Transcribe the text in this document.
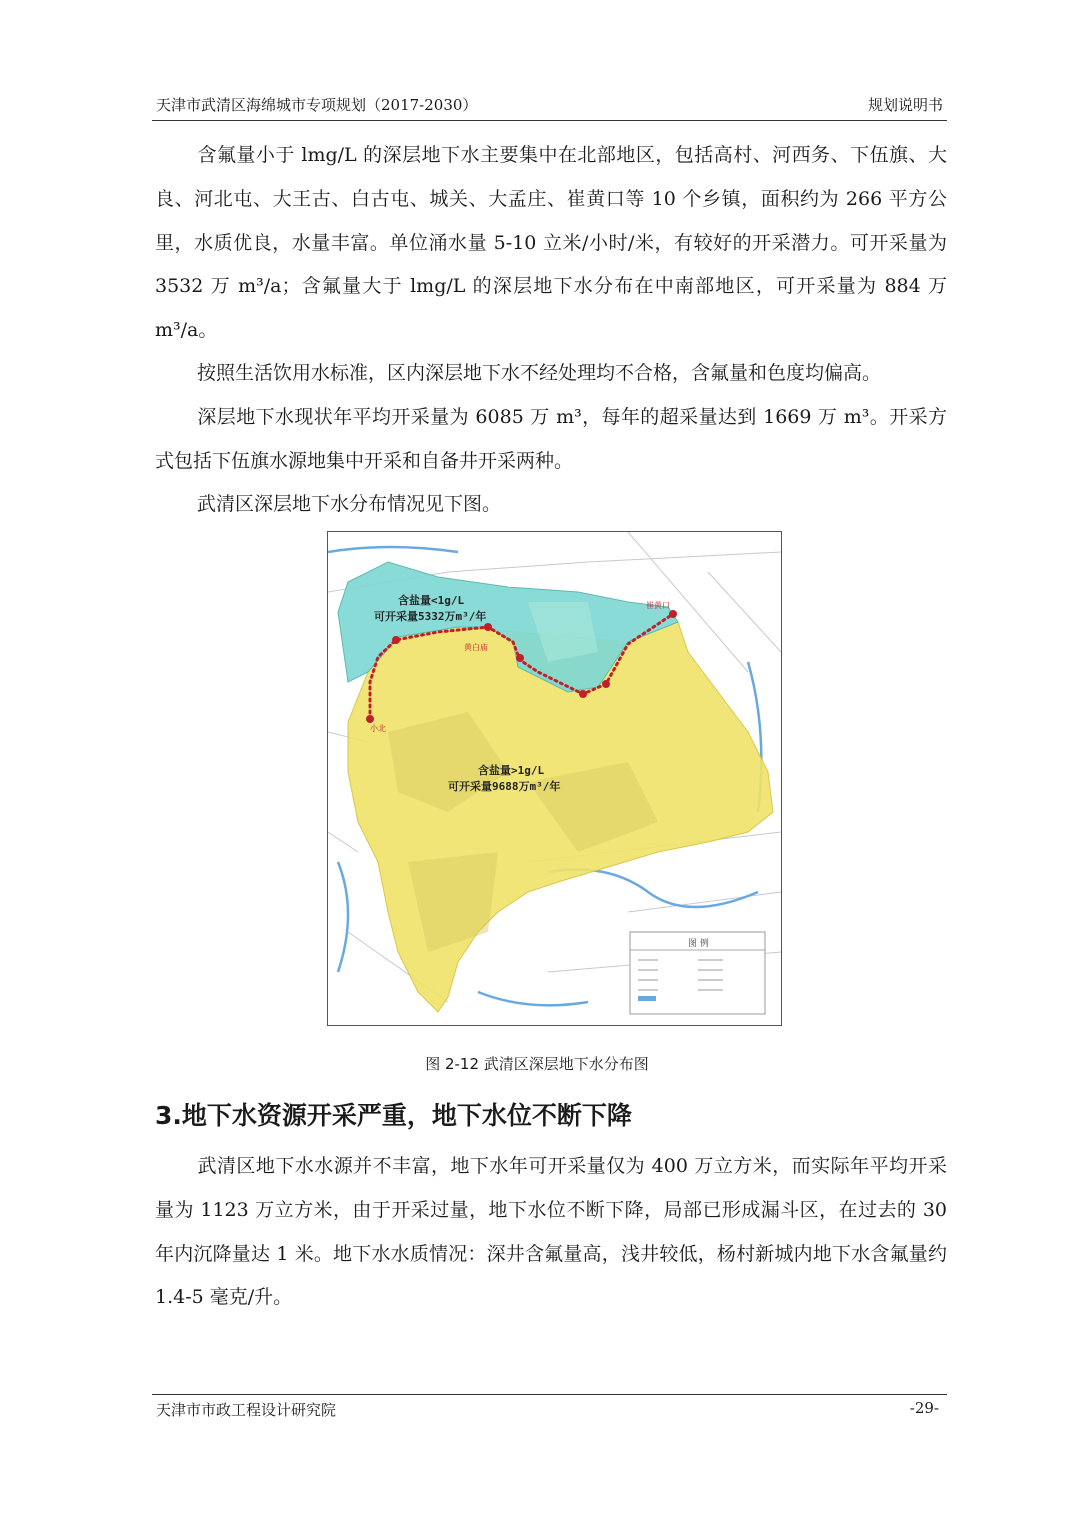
天津市武清区海绵城市专项规划（2017-2030）	规划说明书

含氟量小于 lmg/L 的深层地下水主要集中在北部地区，包括高村、河西务、下伍旗、大良、河北屯、大王古、白古屯、城关、大孟庄、崔黄口等 10 个乡镇，面积约为 266 平方公里，水质优良，水量丰富。单位涌水量 5-10 立米/小时/米，有较好的开采潜力。可开采量为 3532 万 m³/a；含氟量大于 lmg/L 的深层地下水分布在中南部地区，可开采量为 884 万 m³/a。

按照生活饮用水标准，区内深层地下水不经处理均不合格，含氟量和色度均偏高。

深层地下水现状年平均开采量为 6085 万 m³，每年的超采量达到 1669 万 m³。开采方式包括下伍旗水源地集中开采和自备井开采两种。

武清区深层地下水分布情况见下图。

含盐量<1g/L
可开采量5332万m³/年
含盐量>1g/L
可开采量9688万m³/年
崔黄口
黄白庙
小北
图 例
图 2-12 武清区深层地下水分布图
3.地下水资源开采严重，地下水位不断下降

武清区地下水水源并不丰富，地下水年可开采量仅为 400 万立方米，而实际年平均开采量为 1123 万立方米，由于开采过量，地下水位不断下降，局部已形成漏斗区，在过去的 30 年内沉降量达 1 米。地下水水质情况：深井含氟量高，浅井较低，杨村新城内地下水含氟量约 1.4-5 毫克/升。

天津市市政工程设计研究院	-29-
